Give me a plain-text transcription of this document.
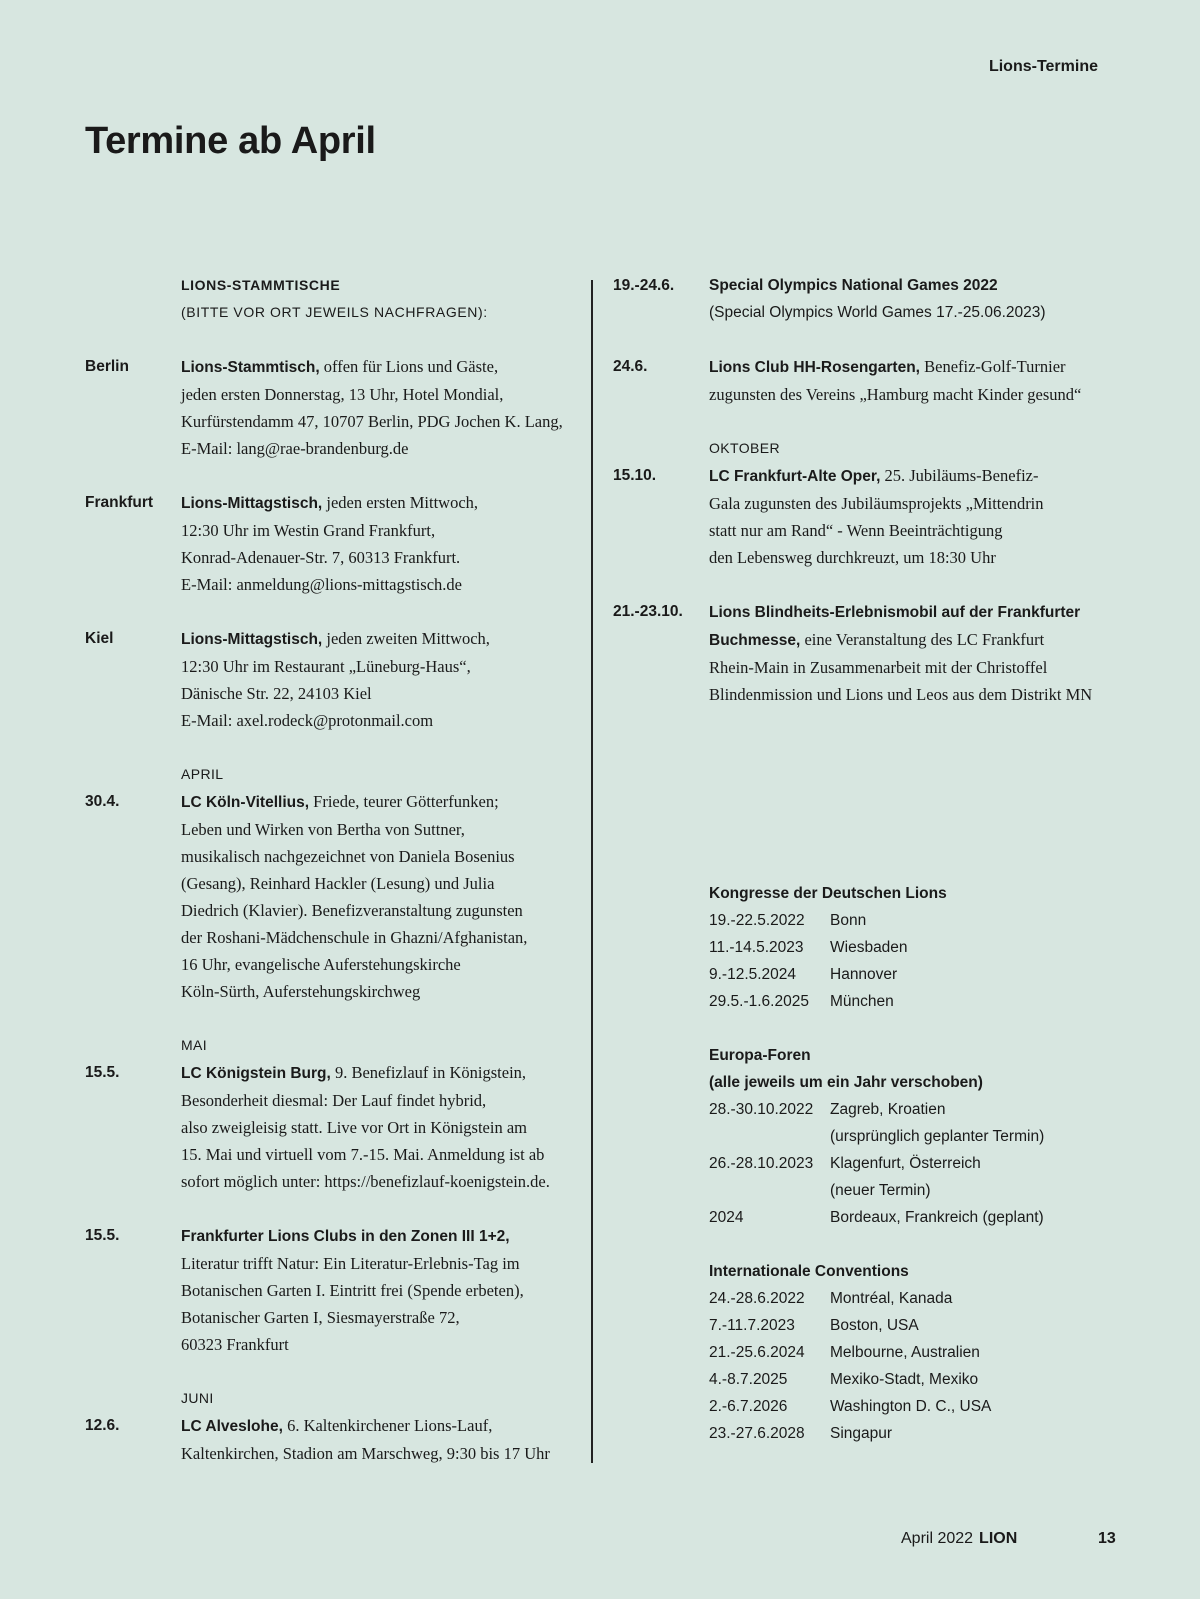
Lions-Termine
Termine ab April
LIONS-STAMMTISCHE
(BITTE VOR ORT JEWEILS NACHFRAGEN):
Berlin	Lions-Stammtisch, offen für Lions und Gäste,
jeden ersten Donnerstag, 13 Uhr, Hotel Mondial,
Kurfürstendamm 47, 10707 Berlin, PDG Jochen K. Lang,
E-Mail: lang@rae-brandenburg.de
Frankfurt	Lions-Mittagstisch, jeden ersten Mittwoch,
12:30 Uhr im Westin Grand Frankfurt,
Konrad-Adenauer-Str. 7, 60313 Frankfurt.
E-Mail: anmeldung@lions-mittagstisch.de
Kiel	Lions-Mittagstisch, jeden zweiten Mittwoch,
12:30 Uhr im Restaurant „Lüneburg-Haus“,
Dänische Str. 22, 24103 Kiel
E-Mail: axel.rodeck@protonmail.com
APRIL
30.4.	LC Köln-Vitellius, Friede, teurer Götterfunken;
Leben und Wirken von Bertha von Suttner,
musikalisch nachgezeichnet von Daniela Bosenius
(Gesang), Reinhard Hackler (Lesung) und Julia
Diedrich (Klavier). Benefizveranstaltung zugunsten
der Roshani-Mädchenschule in Ghazni/Afghanistan,
16 Uhr, evangelische Auferstehungskirche
Köln-Sürth, Auferstehungskirchweg
MAI
15.5.	LC Königstein Burg, 9. Benefizlauf in Königstein,
Besonderheit diesmal: Der Lauf findet hybrid,
also zweigleisig statt. Live vor Ort in Königstein am
15. Mai und virtuell vom 7.-15. Mai. Anmeldung ist ab
sofort möglich unter: https://benefizlauf-koenigstein.de.
15.5.	Frankfurter Lions Clubs in den Zonen III 1+2,
Literatur trifft Natur: Ein Literatur-Erlebnis-Tag im
Botanischen Garten I. Eintritt frei (Spende erbeten),
Botanischer Garten I, Siesmayerstraße 72,
60323 Frankfurt
JUNI
12.6.	LC Alveslohe, 6. Kaltenkirchener Lions-Lauf,
Kaltenkirchen, Stadion am Marschweg, 9:30 bis 17 Uhr
19.-24.6.	Special Olympics National Games 2022
(Special Olympics World Games 17.-25.06.2023)
24.6.	Lions Club HH-Rosengarten, Benefiz-Golf-Turnier
zugunsten des Vereins „Hamburg macht Kinder gesund“
OKTOBER
15.10.	LC Frankfurt-Alte Oper, 25. Jubiläums-Benefiz-
Gala zugunsten des Jubiläumsprojekts „Mittendrin
statt nur am Rand“ - Wenn Beeinträchtigung
den Lebensweg durchkreuzt, um 18:30 Uhr
21.-23.10.	Lions Blindheits-Erlebnismobil auf der Frankfurter
Buchmesse, eine Veranstaltung des LC Frankfurt
Rhein-Main in Zusammenarbeit mit der Christoffel
Blindenmission und Lions und Leos aus dem Distrikt MN
Kongresse der Deutschen Lions
19.-22.5.2022	Bonn
11.-14.5.2023	Wiesbaden
9.-12.5.2024	Hannover
29.5.-1.6.2025	München
Europa-Foren
(alle jeweils um ein Jahr verschoben)
28.-30.10.2022	Zagreb, Kroatien
(ursprünglich geplanter Termin)
26.-28.10.2023	Klagenfurt, Österreich
(neuer Termin)
2024	Bordeaux, Frankreich (geplant)
Internationale Conventions
24.-28.6.2022	Montréal, Kanada
7.-11.7.2023	Boston, USA
21.-25.6.2024	Melbourne, Australien
4.-8.7.2025	Mexiko-Stadt, Mexiko
2.-6.7.2026	Washington D. C., USA
23.-27.6.2028	Singapur
April 2022 LION	13
